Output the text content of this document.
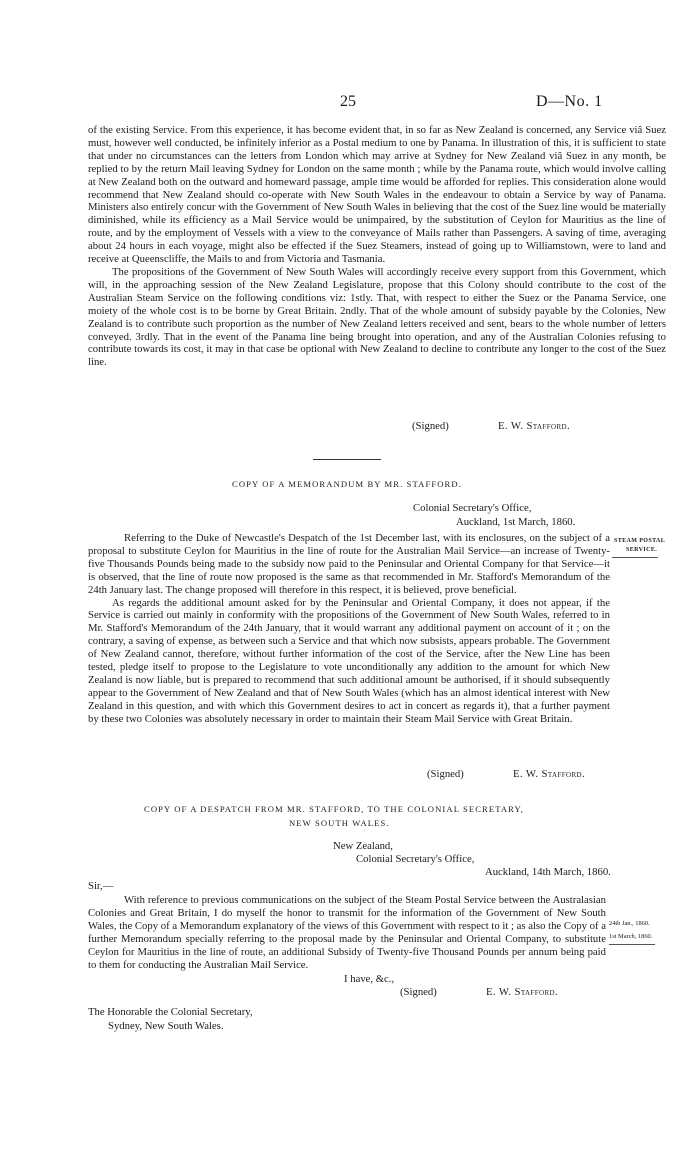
25	D—No. 1

of the existing Service. From this experience, it has become evident that, in so far as New Zealand is concerned, any Service viâ Suez must, however well conducted, be infinitely inferior as a Postal medium to one by Panama. In illustration of this, it is sufficient to state that under no circumstances can the letters from London which may arrive at Sydney for New Zealand viâ Suez in any month, be replied to by the return Mail leaving Sydney for London on the same month ; while by the Panama route, which would involve calling at New Zealand both on the outward and homeward passage, ample time would be afforded for replies. This consideration alone would recommend that New Zealand should co-operate with New South Wales in the endeavour to obtain a Service by way of Panama. Ministers also entirely concur with the Government of New South Wales in believing that the cost of the Suez line would be materially diminished, while its efficiency as a Mail Service would be unimpaired, by the substitution of Ceylon for Mauritius as the line of route, and by the employment of Vessels with a view to the conveyance of Mails rather than Passengers. A saving of time, averaging about 24 hours in each voyage, might also be effected if the Suez Steamers, instead of going up to Williamstown, were to land and receive at Queenscliffe, the Mails to and from Victoria and Tasmania.

The propositions of the Government of New South Wales will accordingly receive every support from this Government, which will, in the approaching session of the New Zealand Legislature, propose that this Colony should contribute to the cost of the Australian Steam Service on the following conditions viz: 1stly. That, with respect to either the Suez or the Panama Service, one moiety of the whole cost is to be borne by Great Britain. 2ndly. That of the whole amount of subsidy payable by the Colonies, New Zealand is to contribute such proportion as the number of New Zealand letters received and sent, bears to the whole number of letters conveyed. 3rdly. That in the event of the Panama line being brought into operation, and any of the Australian Colonies refusing to contribute towards its cost, it may in that case be optional with New Zealand to decline to contribute any longer to the cost of the Suez line.

(Signed)	E. W. Stafford.
COPY OF A MEMORANDUM BY MR. STAFFORD.
Colonial Secretary's Office,
Auckland, 1st March, 1860.
STEAM POSTAL
SERVICE.

Referring to the Duke of Newcastle's Despatch of the 1st December last, with its enclosures, on the subject of a proposal to substitute Ceylon for Mauritius in the line of route for the Australian Mail Service—an increase of Twenty-five Thousands Pounds being made to the subsidy now paid to the Peninsular and Oriental Company for that Service—it is observed, that the line of route now proposed is the same as that recommended in Mr. Stafford's Memorandum of the 24th January last. The change proposed will therefore in this respect, it is believed, prove beneficial.

As regards the additional amount asked for by the Peninsular and Oriental Company, it does not appear, if the Service is carried out mainly in conformity with the propositions of the Government of New South Wales, referred to in Mr. Stafford's Memorandum of the 24th January, that it would warrant any additional payment on account of it ; on the contrary, a saving of expense, as between such a Service and that which now subsists, appears probable. The Government of New Zealand cannot, therefore, without further information of the cost of the Service, after the New Line has been tested, pledge itself to propose to the Legislature to vote unconditionally any addition to the amount for which New Zealand is now liable, but is prepared to recommend that such additional amount be authorised, if it should subsequently appear to the Government of New Zealand and that of New South Wales (which has an almost identical interest with New Zealand in this question, and with which this Government desires to act in concert as regards it), that a further payment by these two Colonies was absolutely necessary in order to maintain their Steam Mail Service with Great Britain.

(Signed)	E. W. Stafford.
COPY OF A DESPATCH FROM MR. STAFFORD, TO THE COLONIAL SECRETARY,
NEW SOUTH WALES.
New Zealand,
Colonial Secretary's Office,
Auckland, 14th March, 1860.
Sir,—
24th Jan., 1860.
1st March, 1860.

With reference to previous communications on the subject of the Steam Postal Service between the Australasian Colonies and Great Britain, I do myself the honor to transmit for the information of the Government of New South Wales, the Copy of a Memorandum explanatory of the views of this Government with respect to it ; as also the Copy of a further Memorandum specially referring to the proposal made by the Peninsular and Oriental Company, to substitute Ceylon for Mauritius in the line of route, an additional Subsidy of Twenty-five Thousand Pounds per annum being paid to them for conducting the Australian Mail Service.

I have, &c.,
(Signed)	E. W. Stafford.
The Honorable the Colonial Secretary,
Sydney, New South Wales.
